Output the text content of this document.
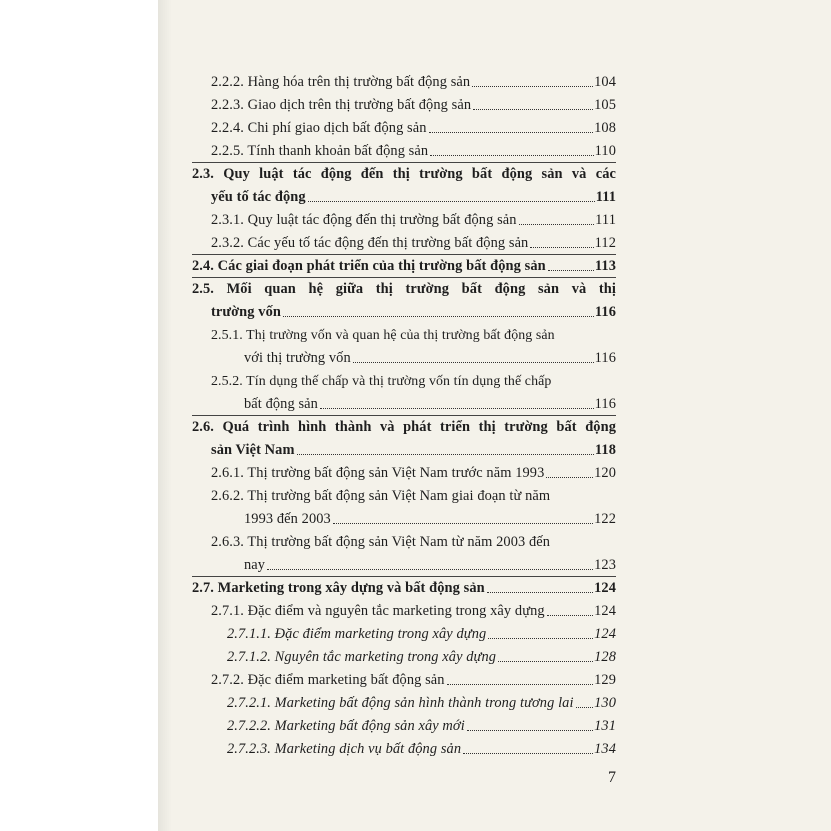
2.2.2. Hàng hóa trên thị trường bất động sản	104
2.2.3. Giao dịch trên thị trường bất động sản	105
2.2.4. Chi phí giao dịch bất động sản	108
2.2.5. Tính thanh khoản bất động sản	110
2.3. Quy luật tác động đến thị trường bất động sản và các
yếu tố tác động	111
2.3.1. Quy luật tác động đến thị trường bất động sản	111
2.3.2. Các yếu tố tác động đến thị trường bất động sản	112
2.4. Các giai đoạn phát triển của thị trường bất động sản	113
2.5. Mối quan hệ giữa thị trường bất động sản và thị
trường vốn	116
2.5.1. Thị trường vốn và quan hệ của thị trường bất động sản
với thị trường vốn	116
2.5.2. Tín dụng thế chấp và thị trường vốn tín dụng thế chấp
bất động sản	116
2.6. Quá trình hình thành và phát triển thị trường bất động
sản Việt Nam	118
2.6.1. Thị trường bất động sản Việt Nam trước năm 1993	120
2.6.2. Thị trường bất động sản Việt Nam giai đoạn từ năm
1993 đến 2003	122
2.6.3. Thị trường bất động sản Việt Nam từ năm 2003 đến
nay	123
2.7. Marketing trong xây dựng và bất động sản	124
2.7.1. Đặc điểm và nguyên tắc marketing trong xây dựng	124
2.7.1.1. Đặc điểm marketing trong xây dựng	124
2.7.1.2. Nguyên tắc marketing trong xây dựng	128
2.7.2. Đặc điểm marketing bất động sản	129
2.7.2.1. Marketing bất động sản hình thành trong tương lai 130
2.7.2.2. Marketing bất động sản xây mới	131
2.7.2.3. Marketing dịch vụ bất động sản	134
7
